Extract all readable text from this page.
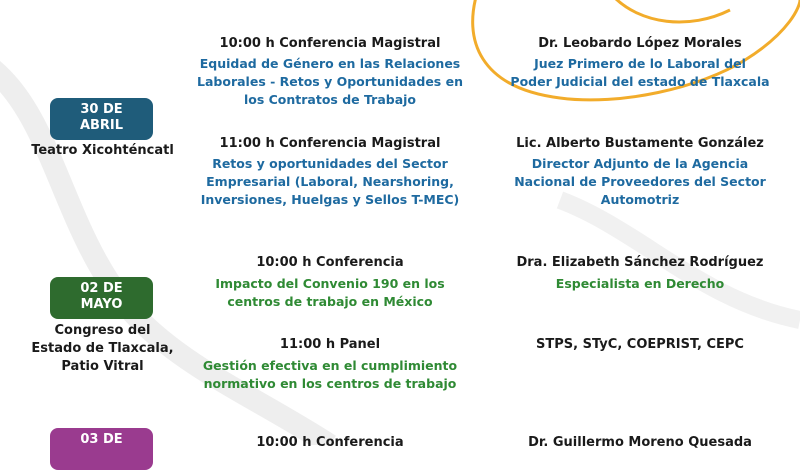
30 DE
ABRIL
Teatro Xicohténcatl
10:00 h Conferencia Magistral
Equidad de Género en las Relaciones
Laborales - Retos y Oportunidades en
los Contratos de Trabajo
Dr. Leobardo López Morales
Juez Primero de lo Laboral del
Poder Judicial del estado de Tlaxcala
11:00 h Conferencia Magistral
Retos y oportunidades del Sector
Empresarial (Laboral, Nearshoring,
Inversiones, Huelgas y Sellos T-MEC)
Lic. Alberto Bustamente González
Director Adjunto de la Agencia
Nacional de Proveedores del Sector
Automotriz
02 DE
MAYO
Congreso del
Estado de Tlaxcala,
Patio Vitral
10:00 h Conferencia
Impacto del Convenio 190 en los
centros de trabajo en México
Dra. Elizabeth Sánchez Rodríguez
Especialista en Derecho
11:00 h Panel
Gestión efectiva en el cumplimiento
normativo en los centros de trabajo
STPS, STyC, COEPRIST, CEPC
03 DE	10:00 h Conferencia	Dr. Guillermo Moreno Quesada
